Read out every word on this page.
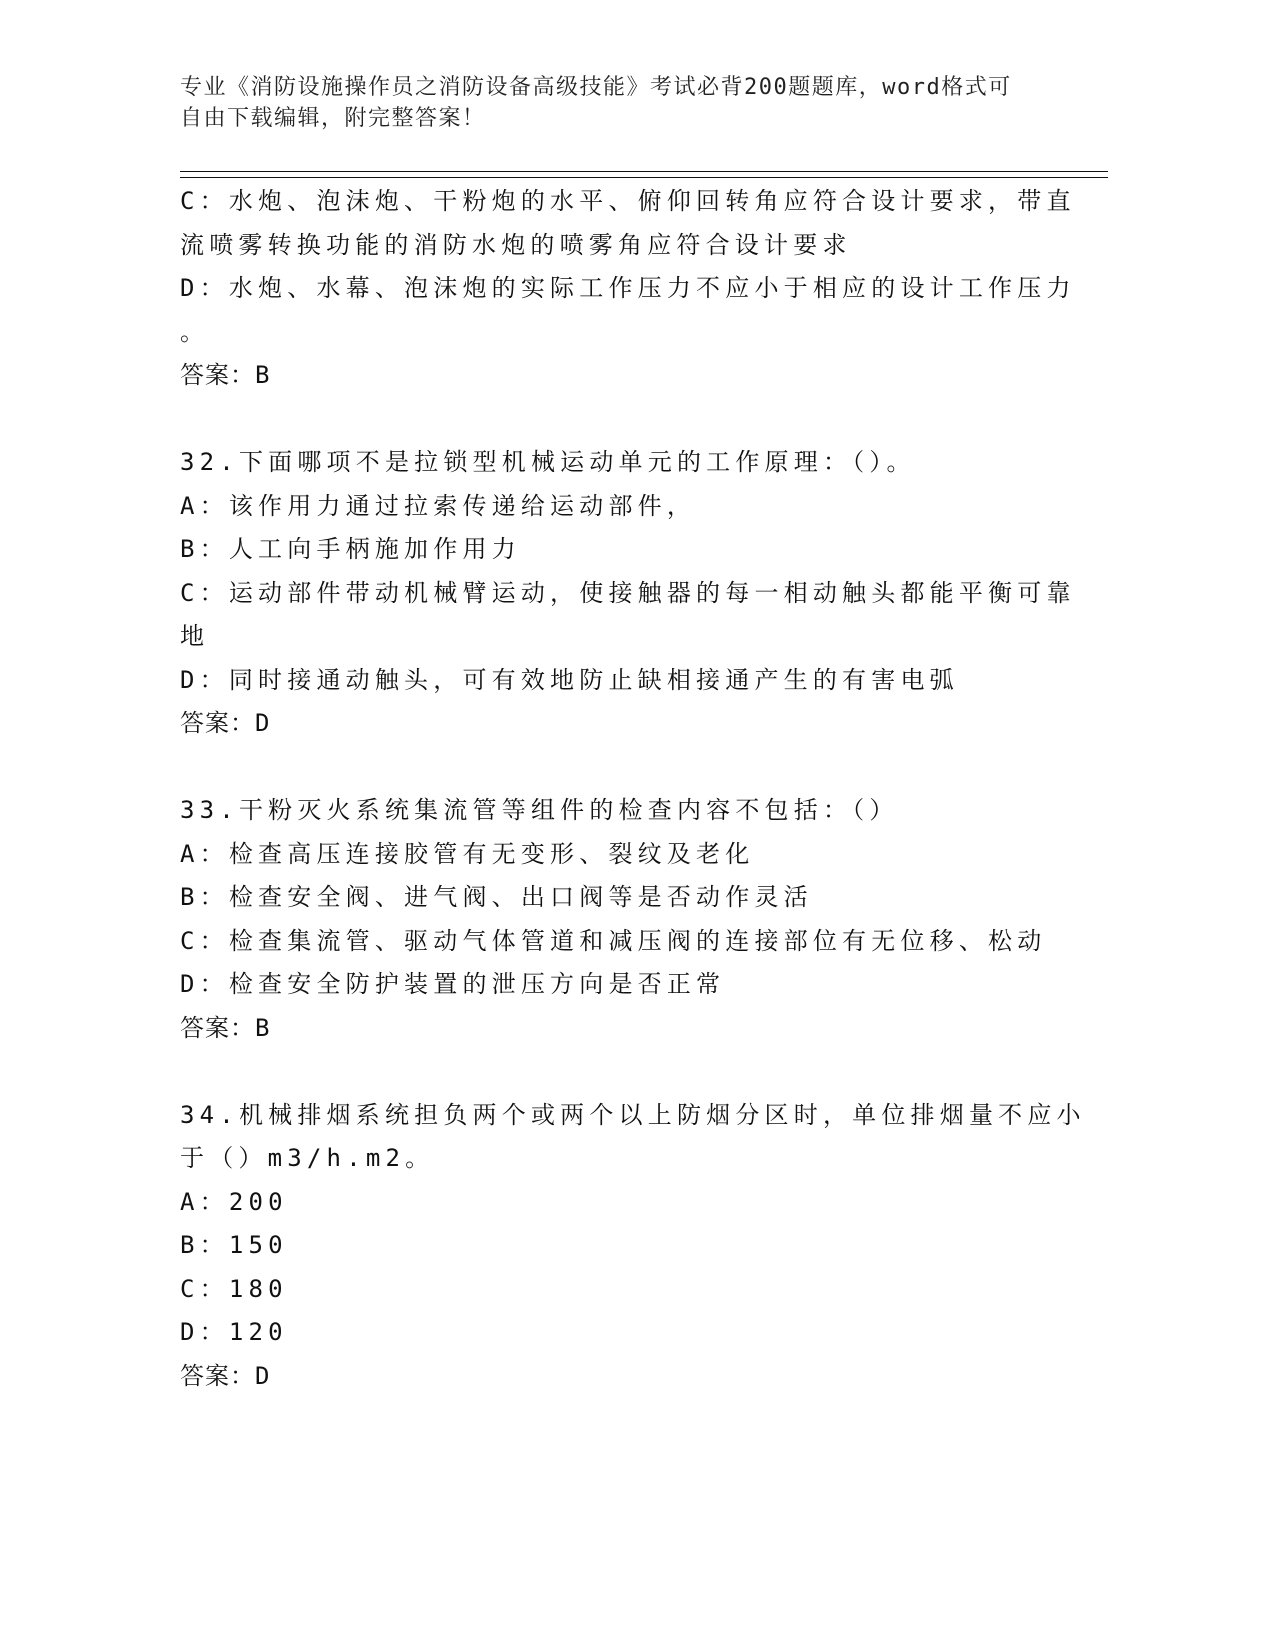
专业《消防设施操作员之消防设备高级技能》考试必背200题题库，word格式可
自由下载编辑，附完整答案！
C：水炮、泡沫炮、干粉炮的水平、俯仰回转角应符合设计要求，带直
流喷雾转换功能的消防水炮的喷雾角应符合设计要求
D：水炮、水幕、泡沫炮的实际工作压力不应小于相应的设计工作压力
。
答案：B
32.下面哪项不是拉锁型机械运动单元的工作原理：（）。
A：该作用力通过拉索传递给运动部件，
B：人工向手柄施加作用力
C：运动部件带动机械臂运动，使接触器的每一相动触头都能平衡可靠
地
D：同时接通动触头，可有效地防止缺相接通产生的有害电弧
答案：D
33.干粉灭火系统集流管等组件的检查内容不包括：（）
A：检查高压连接胶管有无变形、裂纹及老化
B：检查安全阀、进气阀、出口阀等是否动作灵活
C：检查集流管、驱动气体管道和减压阀的连接部位有无位移、松动
D：检查安全防护装置的泄压方向是否正常
答案：B
34.机械排烟系统担负两个或两个以上防烟分区时，单位排烟量不应小
于（）m3/h.m2。
A：200
B：150
C：180
D：120
答案：D
